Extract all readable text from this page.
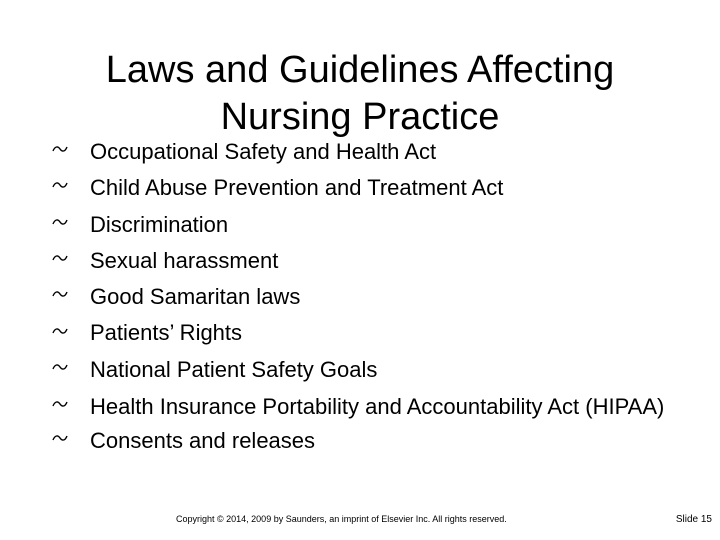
Laws and Guidelines Affecting
Nursing Practice
Occupational Safety and Health Act
Child Abuse Prevention and Treatment Act
Discrimination
Sexual harassment
Good Samaritan laws
Patients’ Rights
National Patient Safety Goals
Health Insurance Portability and Accountability Act (HIPAA)
Consents and releases
Copyright © 2014, 2009 by Saunders, an imprint of Elsevier Inc. All rights reserved.	Slide 15
